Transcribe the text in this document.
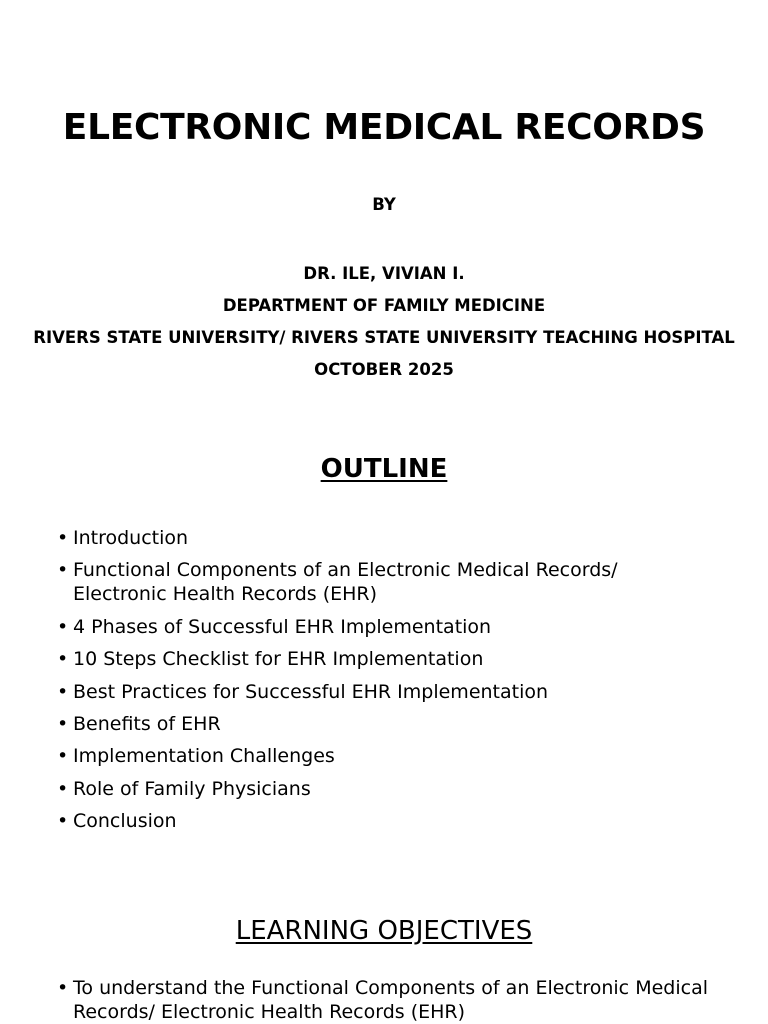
ELECTRONIC MEDICAL RECORDS
BY
DR. ILE, VIVIAN I.
DEPARTMENT OF FAMILY MEDICINE
RIVERS STATE UNIVERSITY/ RIVERS STATE UNIVERSITY TEACHING HOSPITAL
OCTOBER 2025
OUTLINE
• Introduction
• Functional Components of an Electronic Medical Records/ Electronic Health Records (EHR)
• 4 Phases of Successful EHR Implementation
• 10 Steps Checklist for EHR Implementation
• Best Practices for Successful EHR Implementation
• Benefits of EHR
• Implementation Challenges
• Role of Family Physicians
• Conclusion
LEARNING OBJECTIVES
• To understand the Functional Components of an Electronic Medical Records/ Electronic Health Records (EHR)
